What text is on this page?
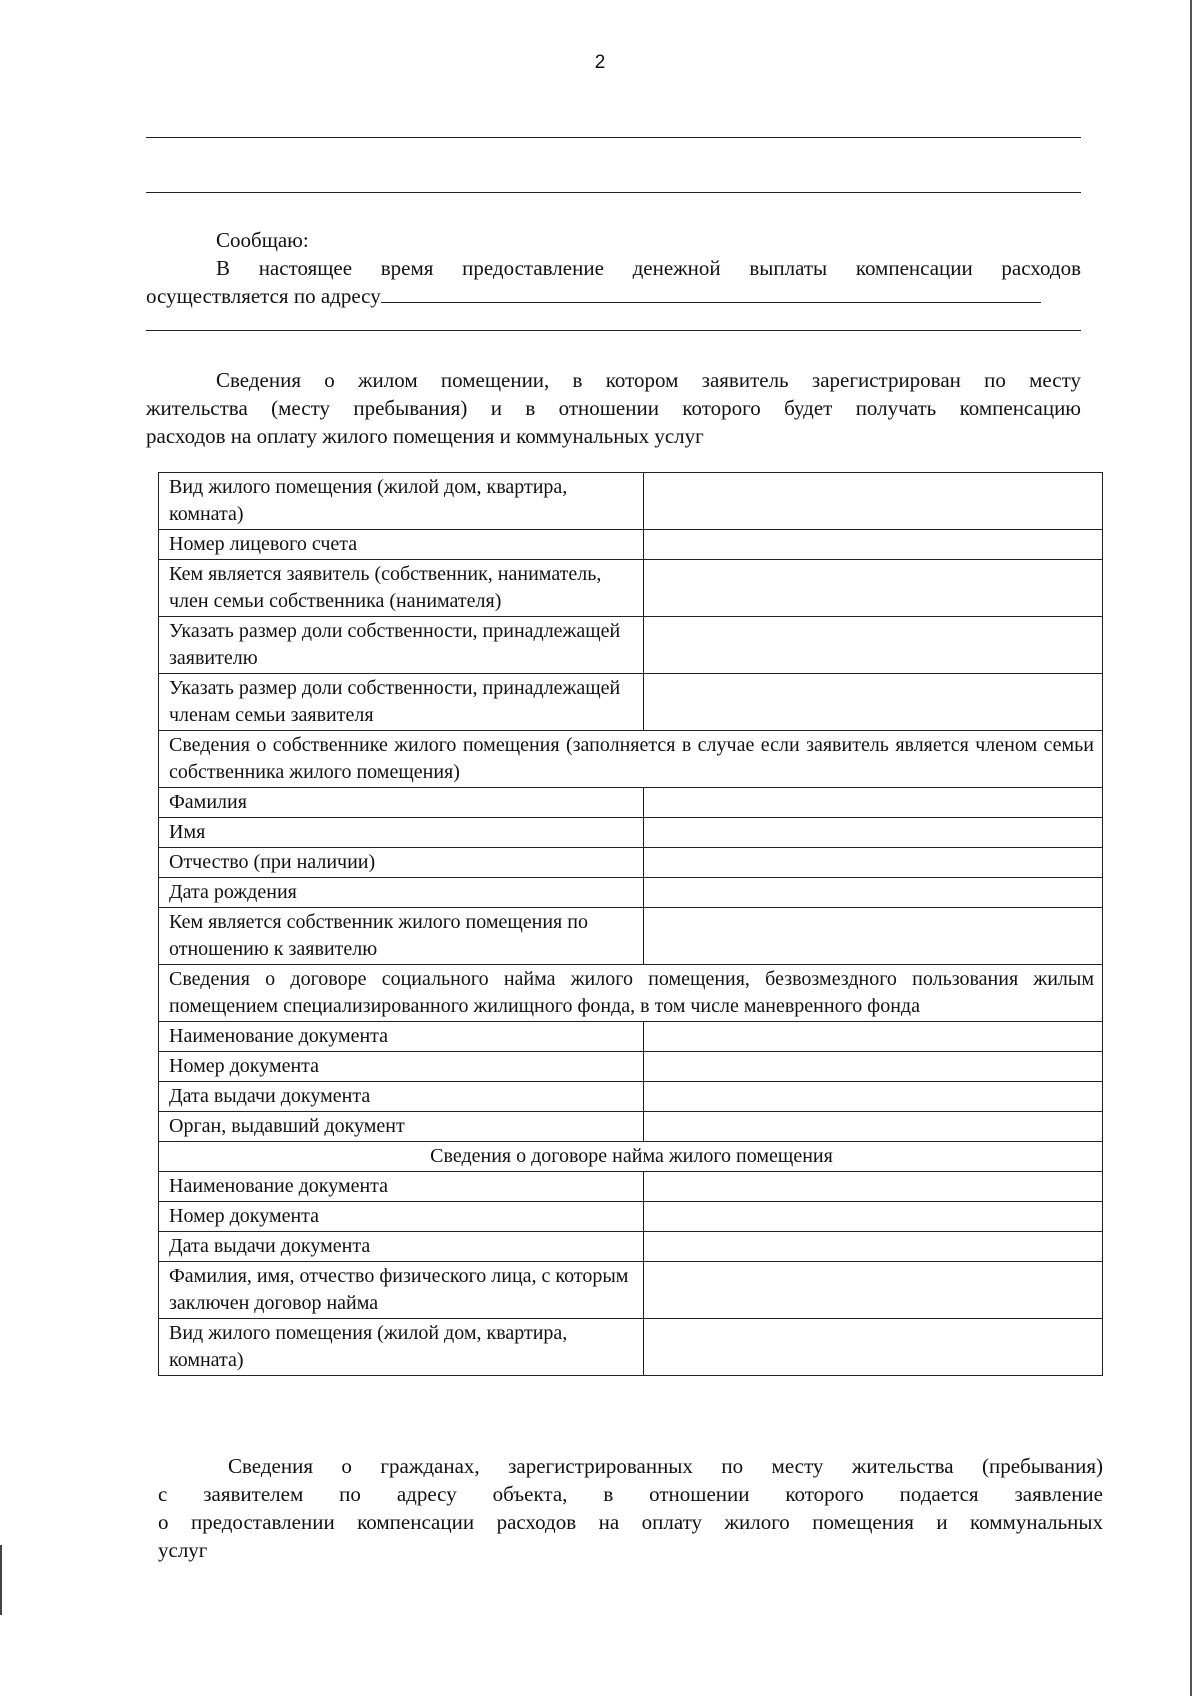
2
Сообщаю:
В настоящее время предоставление денежной выплаты компенсации расходов
осуществляется по адресу
Сведения о жилом помещении, в котором заявитель зарегистрирован по месту
жительства (месту пребывания) и в отношении которого будет получать компенсацию
расходов на оплату жилого помещения и коммунальных услуг
Вид жилого помещения (жилой дом, квартира, комната)	
Номер лицевого счета	
Кем является заявитель (собственник, наниматель, член семьи собственника (нанимателя)	
Указать размер доли собственности, принадлежащей заявителю	
Указать размер доли собственности, принадлежащей членам семьи заявителя	
Сведения о собственнике жилого помещения (заполняется в случае если заявитель является членом семьи собственника жилого помещения)	
Фамилия	
Имя	
Отчество (при наличии)	
Дата рождения	
Кем является собственник жилого помещения по отношению к заявителю	
Сведения о договоре социального найма жилого помещения, безвозмездного пользования жилым помещением специализированного жилищного фонда, в том числе маневренного фонда	
Наименование документа	
Номер документа	
Дата выдачи документа	
Орган, выдавший документ	
Сведения о договоре найма жилого помещения	
Наименование документа	
Номер документа	
Дата выдачи документа	
Фамилия, имя, отчество физического лица, с которым заключен договор найма	
Вид жилого помещения (жилой дом, квартира, комната)	
Сведения о гражданах, зарегистрированных по месту жительства (пребывания)
с заявителем по адресу объекта, в отношении которого подается заявление
о предоставлении компенсации расходов на оплату жилого помещения и коммунальных
услуг
